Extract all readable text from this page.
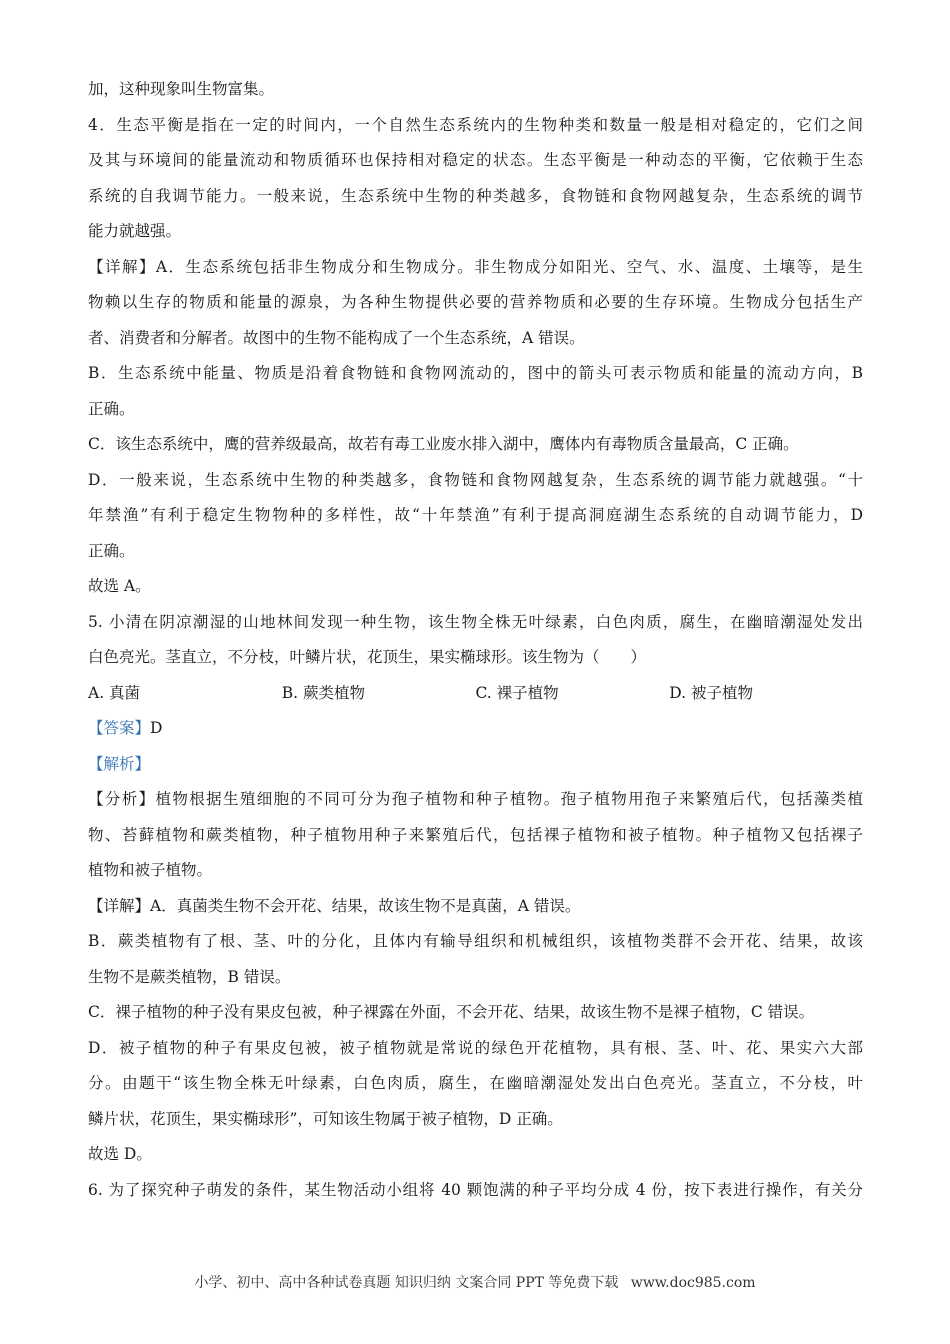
加，这种现象叫生物富集。
4．生态平衡是指在一定的时间内，一个自然生态系统内的生物种类和数量一般是相对稳定的，它们之间
及其与环境间的能量流动和物质循环也保持相对稳定的状态。生态平衡是一种动态的平衡，它依赖于生态
系统的自我调节能力。一般来说，生态系统中生物的种类越多，食物链和食物网越复杂，生态系统的调节
能力就越强。
【详解】A．生态系统包括非生物成分和生物成分。非生物成分如阳光、空气、水、温度、土壤等，是生
物赖以生存的物质和能量的源泉，为各种生物提供必要的营养物质和必要的生存环境。生物成分包括生产
者、消费者和分解者。故图中的生物不能构成了一个生态系统，A 错误。
B．生态系统中能量、物质是沿着食物链和食物网流动的，图中的箭头可表示物质和能量的流动方向，B
正确。
C．该生态系统中，鹰的营养级最高，故若有毒工业废水排入湖中，鹰体内有毒物质含量最高，C 正确。
D．一般来说，生态系统中生物的种类越多，食物链和食物网越复杂，生态系统的调节能力就越强。“十
年禁渔”有利于稳定生物物种的多样性，故“十年禁渔”有利于提高洞庭湖生态系统的自动调节能力，D
正确。
故选 A。
5. 小清在阴凉潮湿的山地林间发现一种生物，该生物全株无叶绿素，白色肉质，腐生，在幽暗潮湿处发出
白色亮光。茎直立，不分枝，叶鳞片状，花顶生，果实椭球形。该生物为（　　）
A. 真菌	B. 蕨类植物	C. 裸子植物	D. 被子植物
【答案】D
【解析】
【分析】植物根据生殖细胞的不同可分为孢子植物和种子植物。孢子植物用孢子来繁殖后代，包括藻类植
物、苔藓植物和蕨类植物，种子植物用种子来繁殖后代，包括裸子植物和被子植物。种子植物又包括裸子
植物和被子植物。
【详解】A．真菌类生物不会开花、结果，故该生物不是真菌，A 错误。
B．蕨类植物有了根、茎、叶的分化，且体内有输导组织和机械组织，该植物类群不会开花、结果，故该
生物不是蕨类植物，B 错误。
C．裸子植物的种子没有果皮包被，种子裸露在外面，不会开花、结果，故该生物不是裸子植物，C 错误。
D．被子植物的种子有果皮包被，被子植物就是常说的绿色开花植物，具有根、茎、叶、花、果实六大部
分。由题干“该生物全株无叶绿素，白色肉质，腐生，在幽暗潮湿处发出白色亮光。茎直立，不分枝，叶
鳞片状，花顶生，果实椭球形”，可知该生物属于被子植物，D 正确。
故选 D。
6. 为了探究种子萌发的条件，某生物活动小组将 40 颗饱满的种子平均分成 4 份，按下表进行操作，有关分
小学、初中、高中各种试卷真题 知识归纳 文案合同 PPT 等免费下载 www.doc985.com
